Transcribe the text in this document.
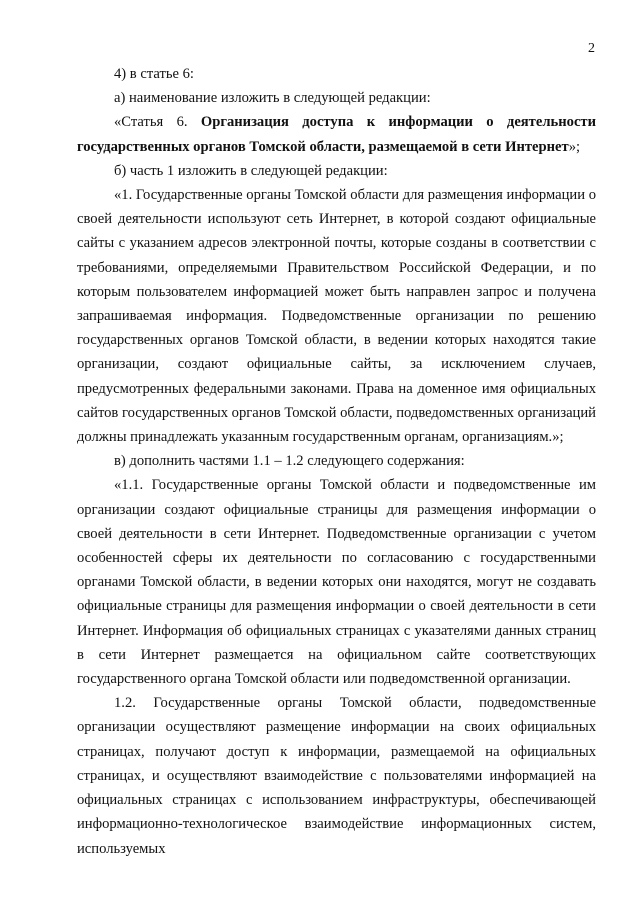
2

4) в статье 6:

а) наименование изложить в следующей редакции:

«Статья 6. Организация доступа к информации о деятельности государственных органов Томской области, размещаемой в сети Интернет»;

б) часть 1 изложить в следующей редакции:

«1. Государственные органы Томской области для размещения информации о своей деятельности используют сеть Интернет, в которой создают официальные сайты с указанием адресов электронной почты, которые созданы в соответствии с требованиями, определяемыми Правительством Российской Федерации, и по которым пользователем информацией может быть направлен запрос и получена запрашиваемая информация. Подведомственные организации по решению государственных органов Томской области, в ведении которых находятся такие организации, создают официальные сайты, за исключением случаев, предусмотренных федеральными законами. Права на доменное имя официальных сайтов государственных органов Томской области, подведомственных организаций должны принадлежать указанным государственным органам, организациям.»;

в) дополнить частями 1.1 – 1.2 следующего содержания:

«1.1. Государственные органы Томской области и подведомственные им организации создают официальные страницы для размещения информации о своей деятельности в сети Интернет. Подведомственные организации с учетом особенностей сферы их деятельности по согласованию с государственными органами Томской области, в ведении которых они находятся, могут не создавать официальные страницы для размещения информации о своей деятельности в сети Интернет. Информация об официальных страницах с указателями данных страниц в сети Интернет размещается на официальном сайте соответствующих государственного органа Томской области или подведомственной организации.

1.2. Государственные органы Томской области, подведомственные организации осуществляют размещение информации на своих официальных страницах, получают доступ к информации, размещаемой на официальных страницах, и осуществляют взаимодействие с пользователями информацией на официальных страницах с использованием инфраструктуры, обеспечивающей информационно-технологическое взаимодействие информационных систем, используемых
